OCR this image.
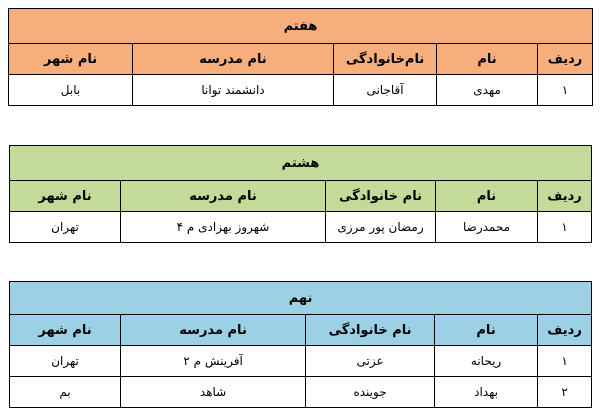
هفتم				
ردیف	نام	نام‌خانوادگی	نام مدرسه	نام شهر
۱	مهدی	آقاجانی	دانشمند توانا	بابل
هشتم				
ردیف	نام	نام خانوادگی	نام مدرسه	نام شهر
۱	محمدرضا	رمضان پور مرزی	شهروز بهزادی م ۴	تهران
نهم				
ردیف	نام	نام خانوادگی	نام مدرسه	نام شهر
۱	ریحانه	عزتی	آفرینش م ۲	تهران
۲	بهداد	جوینده	شاهد	بم
